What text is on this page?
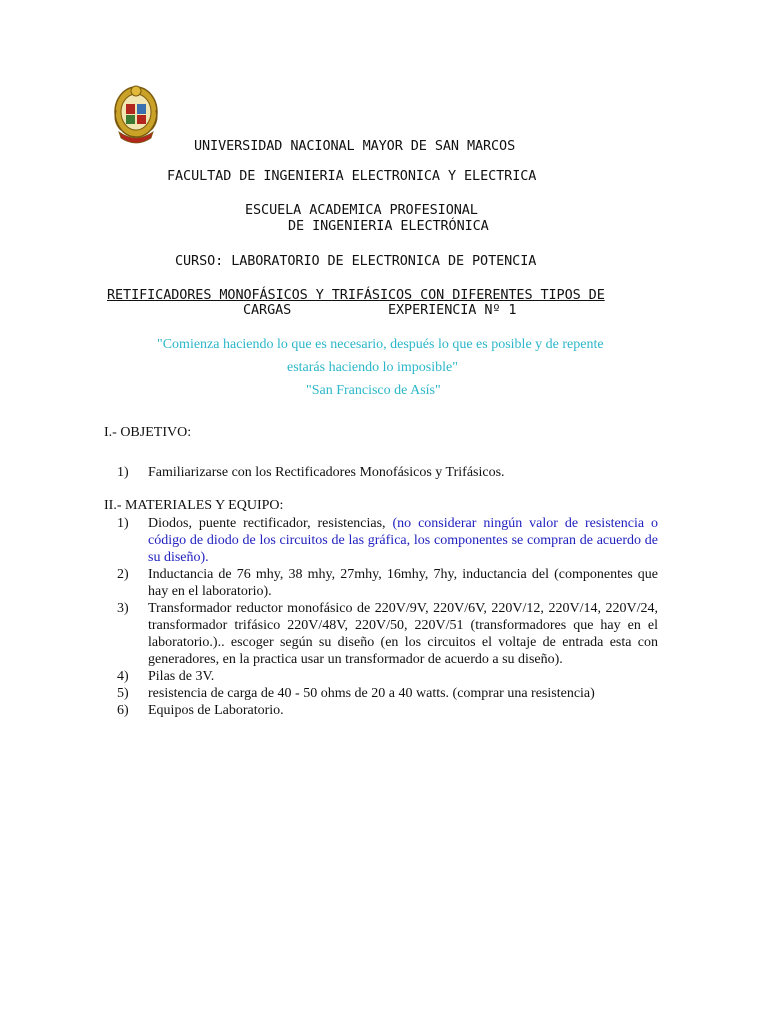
UNIVERSIDAD NACIONAL MAYOR DE SAN MARCOS
FACULTAD DE INGENIERIA ELECTRONICA Y ELECTRICA
ESCUELA ACADEMICA PROFESIONAL
DE INGENIERIA ELECTRÓNICA
CURSO: LABORATORIO DE ELECTRONICA DE POTENCIA
RETIFICADORES MONOFÁSICOS Y TRIFÁSICOS CON DIFERENTES TIPOS DE
CARGAS	EXPERIENCIA Nº 1

"Comienza haciendo lo que es necesario, después lo que es posible y de repente
estarás haciendo lo imposible"
"San Francisco de Asís"
I.- OBJETIVO:
1)	Familiarizarse con los Rectificadores Monofásicos y Trifásicos.
II.- MATERIALES Y EQUIPO:
1)	Diodos, puente rectificador, resistencias, (no considerar ningún valor de resistencia o código de diodo de los circuitos de las gráfica, los componentes se compran de acuerdo de su diseño).
2)	Inductancia de 76 mhy, 38 mhy, 27mhy, 16mhy, 7hy, inductancia del (componentes que hay en el laboratorio).
3)	Transformador reductor monofásico de 220V/9V, 220V/6V, 220V/12, 220V/14, 220V/24, transformador trifásico 220V/48V, 220V/50, 220V/51 (transformadores que hay en el laboratorio.).. escoger según su diseño (en los circuitos el voltaje de entrada esta con generadores, en la practica usar un transformador de acuerdo a su diseño).
4)	Pilas de 3V.
5)	resistencia de carga de 40 - 50 ohms de 20 a 40 watts. (comprar una resistencia)
6)	Equipos de Laboratorio.
